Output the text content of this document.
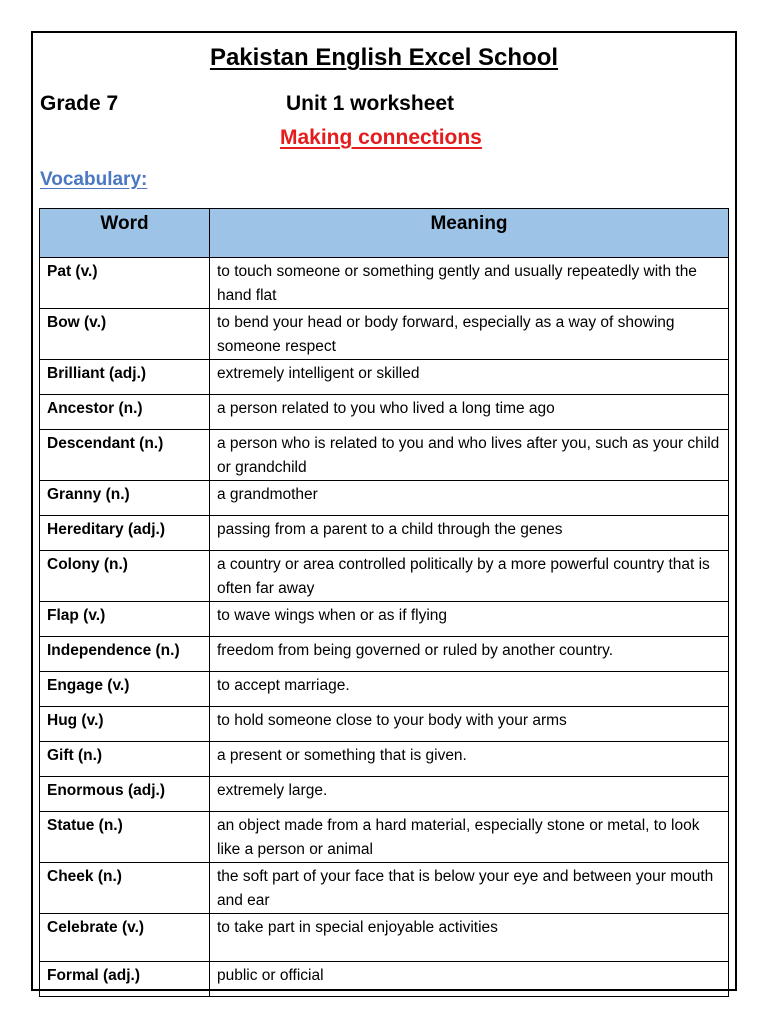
Pakistan English Excel School
Grade 7	Unit 1 worksheet
Making connections
Vocabulary:
Word	Meaning
Pat (v.)	to touch someone or something gently and usually repeatedly with the hand flat
Bow (v.)	to bend your head or body forward, especially as a way of showing someone respect
Brilliant (adj.)	extremely intelligent or skilled
Ancestor (n.)	a person related to you who lived a long time ago
Descendant (n.)	a person who is related to you and who lives after you, such as your child or grandchild
Granny (n.)	a grandmother
Hereditary (adj.)	passing from a parent to a child through the genes
Colony (n.)	a country or area controlled politically by a more powerful country that is often far away
Flap (v.)	to wave wings when or as if flying
Independence (n.)	freedom from being governed or ruled by another country.
Engage (v.)	to accept marriage.
Hug (v.)	to hold someone close to your body with your arms
Gift (n.)	a present or something that is given.
Enormous (adj.)	extremely large.
Statue (n.)	an object made from a hard material, especially stone or metal, to look like a person or animal
Cheek (n.)	the soft part of your face that is below your eye and between your mouth and ear
Celebrate (v.)	to take part in special enjoyable activities
Formal (adj.)	public or official
